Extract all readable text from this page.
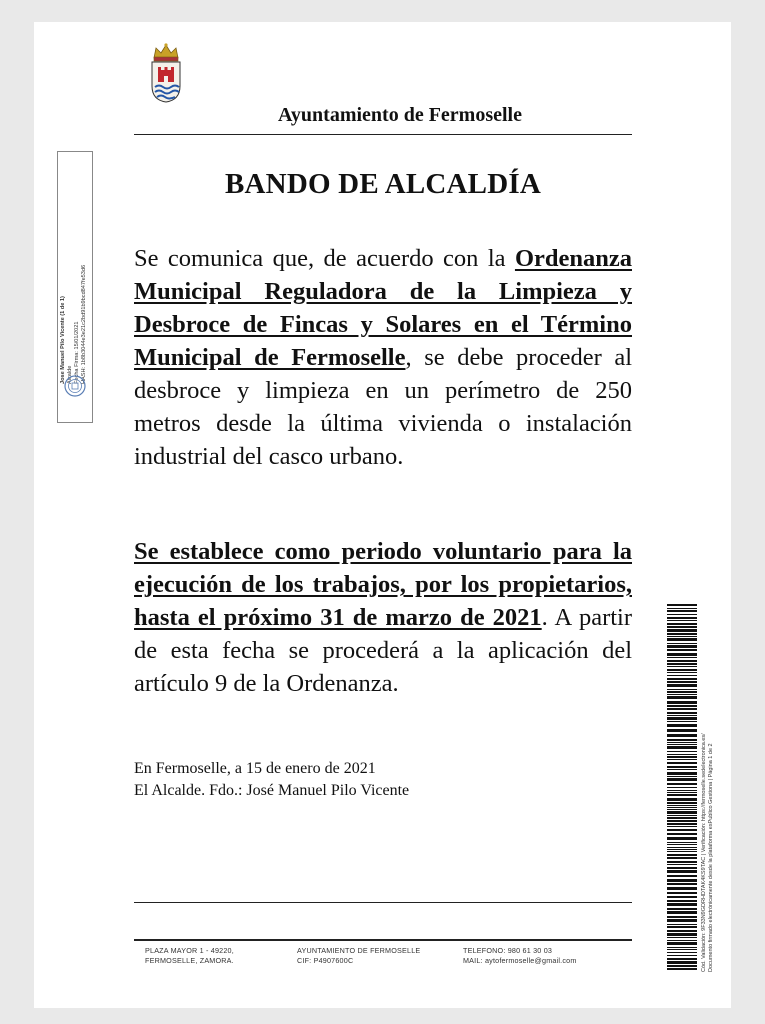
Ayuntamiento de Fermoselle
BANDO DE ALCALDÍA
Se comunica que, de acuerdo con la Ordenanza Municipal Reguladora de la Limpieza y Desbroce de Fincas y Solares en el Término Municipal de Fermoselle, se debe proceder al desbroce y limpieza en un perímetro de 250 metros desde la última vivienda o instalación industrial del casco urbano.
Se establece como periodo voluntario para la ejecución de los trabajos, por los propietarios, hasta el próximo 31 de marzo de 2021. A partir de esta fecha se procederá a la aplicación del artículo 9 de la Ordenanza.
En Fermoselle, a 15 de enero de 2021
El Alcalde. Fdo.: José Manuel Pilo Vicente
PLAZA MAYOR 1 - 49220,
FERMOSELLE, ZAMORA.
AYUNTAMIENTO DE FERMOSELLE
CIF: P4907600C
TELEFONO: 980 61 30 03
MAIL: aytofermoselle@gmail.com
Jose Manuel Pilo Vicente (1 de 1) Alcalde Fecha Firma: 15/01/2021 HASH: 1b8b3044e3e21c2bd91b9bcd847fe53d6
Cód. Validación: 9F33N9GDRHDTAK4KS9TAC | Verificación: https://fermoselle.sedelectronica.es/ Documento firmado electrónicamente desde la plataforma esPublico Gestiona | Página 1 de 2
